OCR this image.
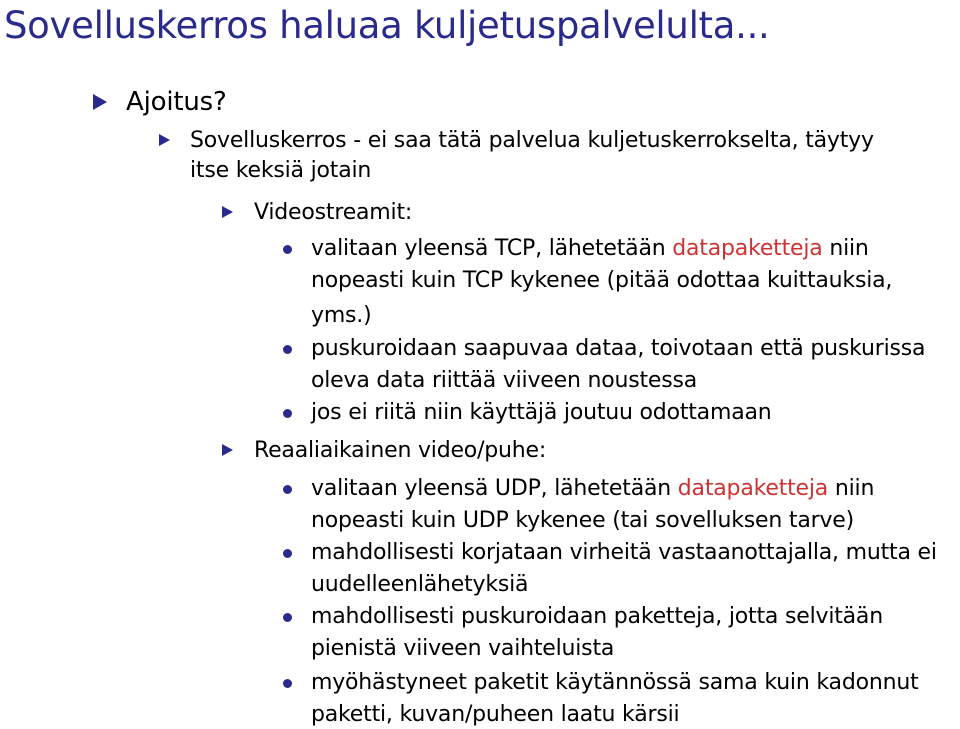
Sovelluskerros haluaa kuljetuspalvelulta...
Ajoitus?
Sovelluskerros - ei saa tätä palvelua kuljetuskerrokselta, täytyy
itse keksiä jotain
Videostreamit:
valitaan yleensä TCP, lähetetään datapaketteja niin
nopeasti kuin TCP kykenee (pitää odottaa kuittauksia,
yms.)
puskuroidaan saapuvaa dataa, toivotaan että puskurissa
oleva data riittää viiveen noustessa
jos ei riitä niin käyttäjä joutuu odottamaan
Reaaliaikainen video/puhe:
valitaan yleensä UDP, lähetetään datapaketteja niin
nopeasti kuin UDP kykenee (tai sovelluksen tarve)
mahdollisesti korjataan virheitä vastaanottajalla, mutta ei
uudelleenlähetyksiä
mahdollisesti puskuroidaan paketteja, jotta selvitään
pienistä viiveen vaihteluista
myöhästyneet paketit käytännössä sama kuin kadonnut
paketti, kuvan/puheen laatu kärsii
